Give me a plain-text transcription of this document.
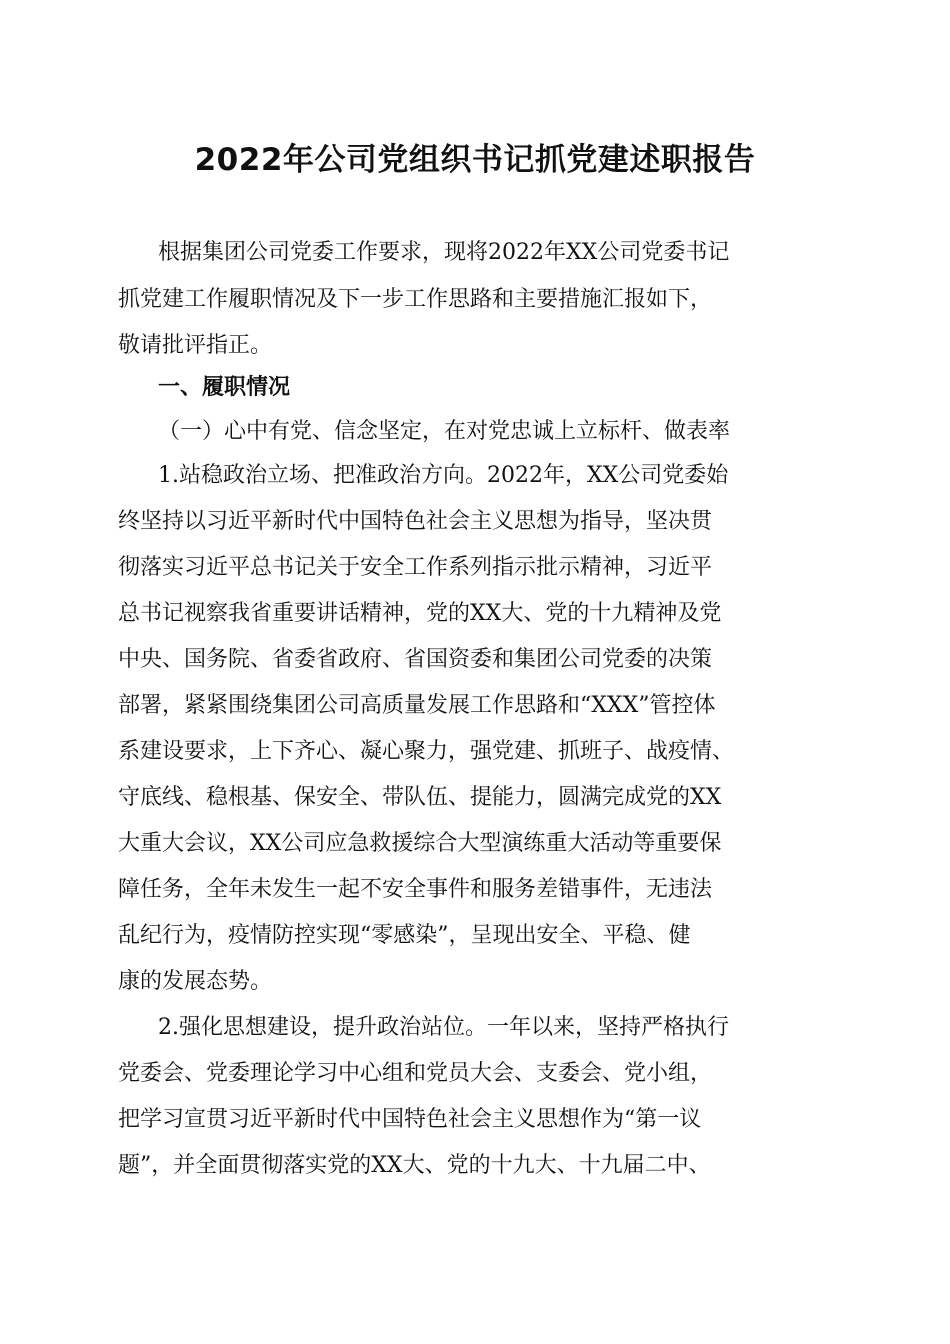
2022年公司党组织书记抓党建述职报告
根据集团公司党委工作要求，现将2022年XX公司党委书记
抓党建工作履职情况及下一步工作思路和主要措施汇报如下，
敬请批评指正。
一、履职情况
（一）心中有党、信念坚定，在对党忠诚上立标杆、做表率
1.站稳政治立场、把准政治方向。2022年，XX公司党委始
终坚持以习近平新时代中国特色社会主义思想为指导，坚决贯
彻落实习近平总书记关于安全工作系列指示批示精神，习近平
总书记视察我省重要讲话精神，党的XX大、党的十九精神及党
中央、国务院、省委省政府、省国资委和集团公司党委的决策
部署，紧紧围绕集团公司高质量发展工作思路和“XXX”管控体
系建设要求，上下齐心、凝心聚力，强党建、抓班子、战疫情、
守底线、稳根基、保安全、带队伍、提能力，圆满完成党的XX
大重大会议，XX公司应急救援综合大型演练重大活动等重要保
障任务，全年未发生一起不安全事件和服务差错事件，无违法
乱纪行为，疫情防控实现“零感染”，呈现出安全、平稳、健
康的发展态势。
2.强化思想建设，提升政治站位。一年以来，坚持严格执行
党委会、党委理论学习中心组和党员大会、支委会、党小组，
把学习宣贯习近平新时代中国特色社会主义思想作为“第一议
题”，并全面贯彻落实党的XX大、党的十九大、十九届二中、
